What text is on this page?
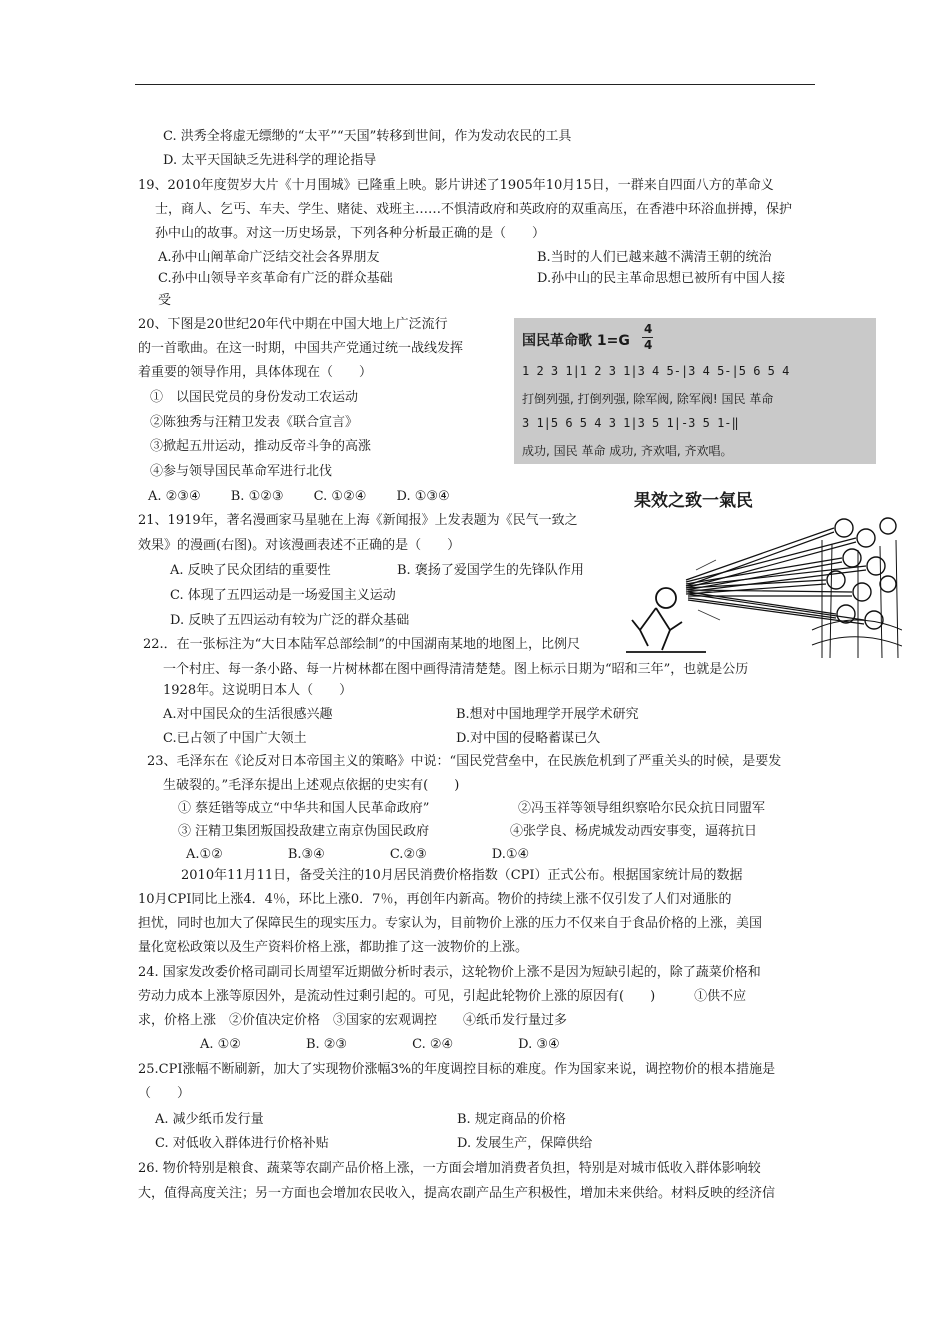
C. 洪秀全将虚无缥缈的“太平”“天国”转移到世间，作为发动农民的工具
D. 太平天国缺乏先进科学的理论指导
19、2010年度贺岁大片《十月围城》已隆重上映。影片讲述了1905年10月15日，一群来自四面八方的革命义
士，商人、乞丐、车夫、学生、赌徒、戏班主……不惧清政府和英政府的双重高压，在香港中环浴血拼搏，保护
孙中山的故事。对这一历史场景，下列各种分析最正确的是（　　）
A.孙中山阐革命广泛结交社会各界朋友	B.当时的人们已越来越不满清王朝的统治
C.孙中山领导辛亥革命有广泛的群众基础	D.孙中山的民主革命思想已被所有中国人接
受
20、下图是20世纪20年代中期在中国大地上广泛流行
的一首歌曲。在这一时期，中国共产党通过统一战线发挥
着重要的领导作用，具体体现在（　　）
①　以国民党员的身份发动工农运动
②陈独秀与汪精卫发表《联合宣言》
③掀起五卅运动，推动反帝斗争的高涨
④参与领导国民革命军进行北伐
A. ②③④　　 B. ①②③　　 C. ①②④　　 D. ①③④
21、1919年，著名漫画家马星驰在上海《新闻报》上发表题为《民气一致之
效果》的漫画(右图)。对该漫画表述不正确的是（　　）
A. 反映了民众团结的重要性	B. 褒扬了爱国学生的先锋队作用
C. 体现了五四运动是一场爱国主义运动
D. 反映了五四运动有较为广泛的群众基础
22.．在一张标注为“大日本陆军总部绘制”的中国湖南某地的地图上，比例尺
一个村庄、每一条小路、每一片树林都在图中画得清清楚楚。图上标示日期为“昭和三年”，也就是公历
1928年。这说明日本人（　　）
A.对中国民众的生活很感兴趣	B.想对中国地理学开展学术研究
C.已占领了中国广大领土	D.对中国的侵略蓄谋已久
23、毛泽东在《论反对日本帝国主义的策略》中说：“国民党营垒中，在民族危机到了严重关头的时候，是要发
生破裂的。”毛泽东提出上述观点依据的史实有(　　)
① 蔡廷锴等成立“中华共和国人民革命政府”	②冯玉祥等领导组织察哈尔民众抗日同盟军
③ 汪精卫集团叛国投敌建立南京伪国民政府	④张学良、杨虎城发动西安事变，逼蒋抗日
A.①②　　　　　B.③④　　　　　C.②③　　　　　D.①④
2010年11月11日，备受关注的10月居民消费价格指数（CPI）正式公布。根据国家统计局的数据
10月CPI同比上涨4．4％，环比上涨0．7％，再创年内新高。物价的持续上涨不仅引发了人们对通胀的
担忧，同时也加大了保障民生的现实压力。专家认为，目前物价上涨的压力不仅来自于食品价格的上涨，美国
量化宽松政策以及生产资料价格上涨，都助推了这一波物价的上涨。
24. 国家发改委价格司副司长周望军近期做分析时表示，这轮物价上涨不是因为短缺引起的，除了蔬菜价格和
劳动力成本上涨等原因外，是流动性过剩引起的。可见，引起此轮物价上涨的原因有(　　)　　　①供不应
求，价格上涨　②价值决定价格　③国家的宏观调控　　④纸币发行量过多
A. ①②　　　　　B. ②③　　　　　C. ②④　　　　　D. ③④
25.CPI涨幅不断刷新，加大了实现物价涨幅3%的年度调控目标的难度。作为国家来说，调控物价的根本措施是
（　　）
A. 减少纸币发行量	B. 规定商品的价格
C. 对低收入群体进行价格补贴	D. 发展生产，保障供给
26. 物价特别是粮食、蔬菜等农副产品价格上涨，一方面会增加消费者负担，特别是对城市低收入群体影响较
大，值得高度关注；另一方面也会增加农民收入，提高农副产品生产积极性，增加未来供给。材料反映的经济信
国民革命歌 1=G
4
4
1 2 3 1|1 2 3 1|3 4 5-|3 4 5-|5 6 5 4
打倒列强, 打倒列强, 除军阀, 除军阀! 国民 革命
3 1|5 6 5 4 3 1|3 5 1|-3 5 1-‖
成功, 国民 革命 成功, 齐欢唱, 齐欢唱。
果效之致一氣民
